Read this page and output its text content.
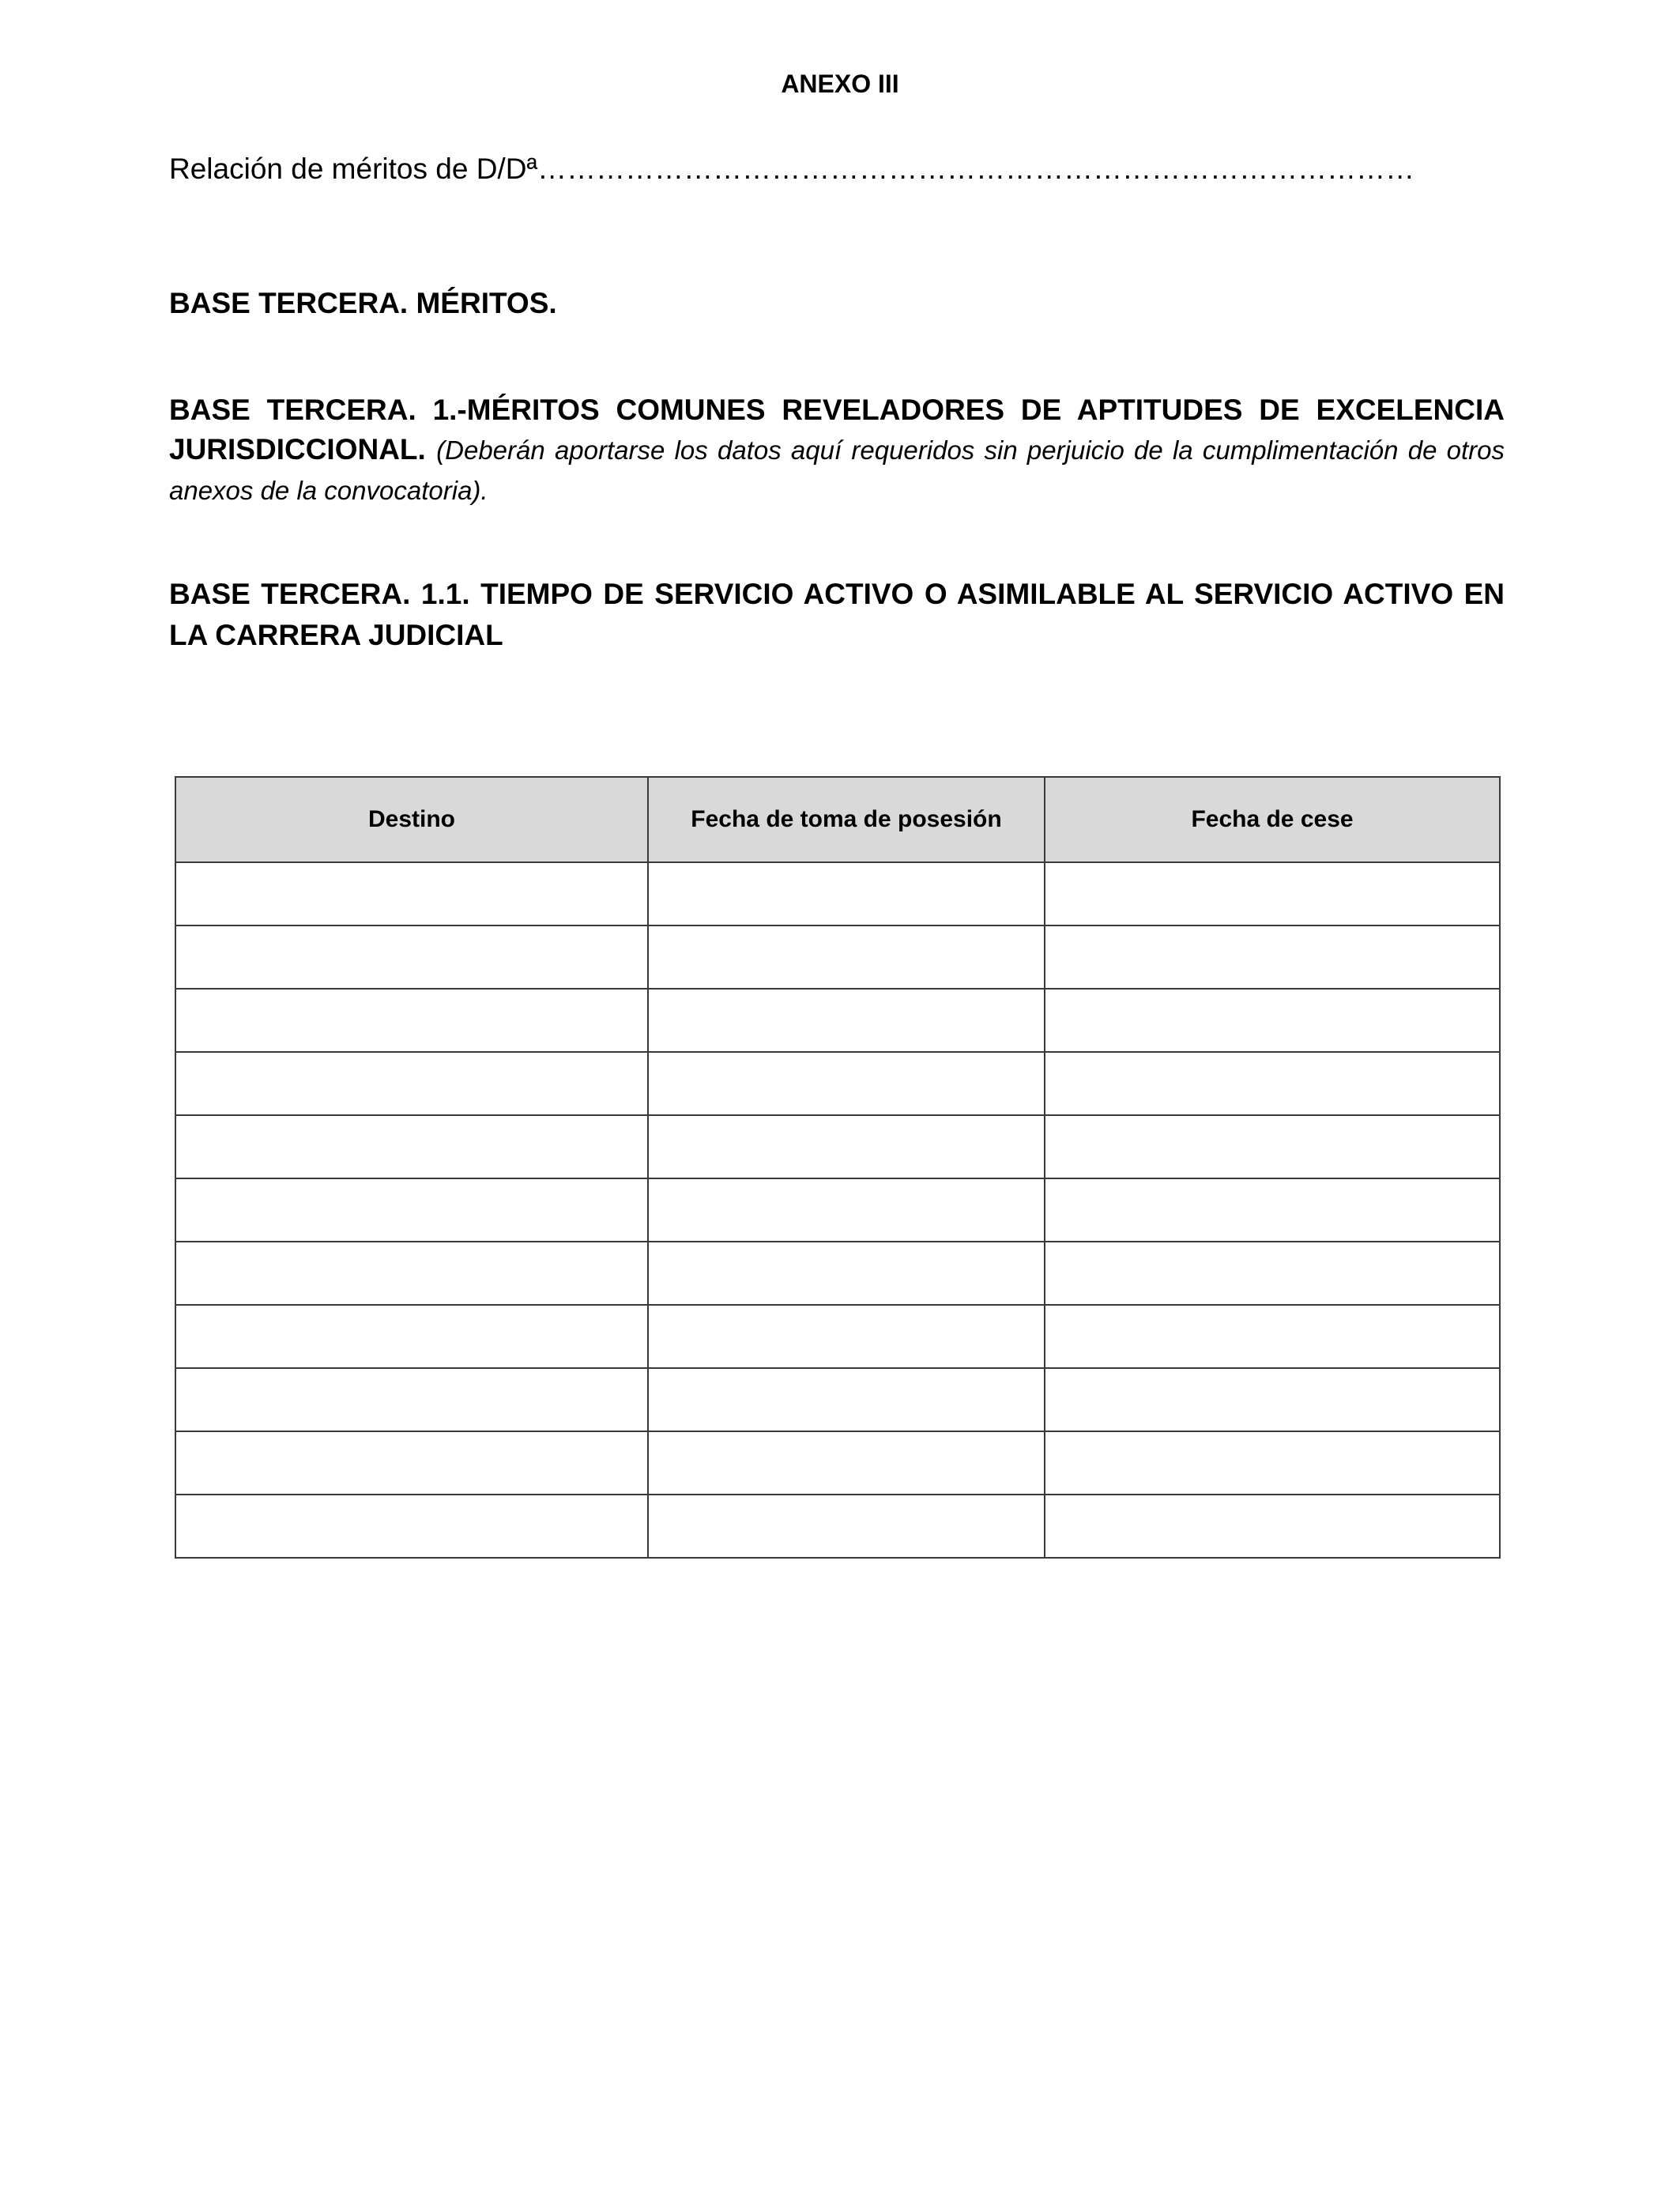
ANEXO III
Relación de méritos de D/Dª………………………………………………………………………………
BASE TERCERA. MÉRITOS.
BASE TERCERA. 1.-MÉRITOS COMUNES REVELADORES DE APTITUDES DE EXCELENCIA JURISDICCIONAL. (Deberán aportarse los datos aquí requeridos sin perjuicio de la cumplimentación de otros anexos de la convocatoria).
BASE TERCERA. 1.1. TIEMPO DE SERVICIO ACTIVO O ASIMILABLE AL SERVICIO ACTIVO EN LA CARRERA JUDICIAL
Destino	Fecha de toma de posesión	Fecha de cese
